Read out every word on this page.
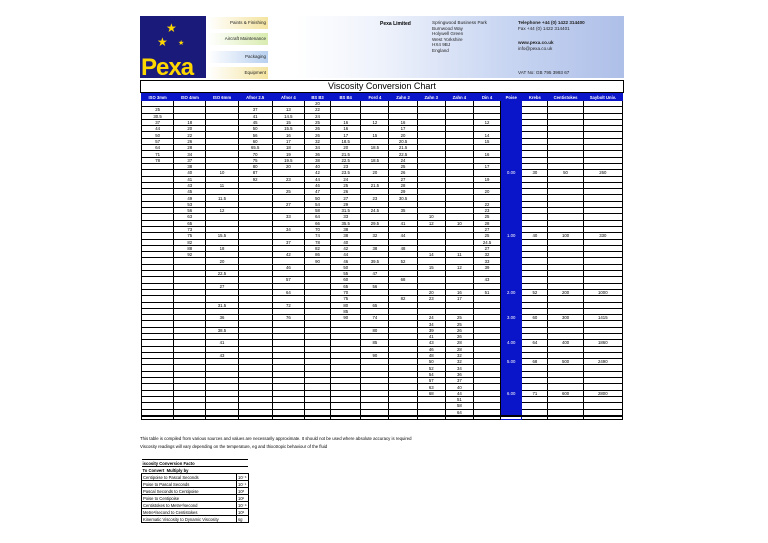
★
★ ★
Pexa
Paints & Finishing
Aircraft Maintenance
Packaging
Equipment
Pexa Limited	Springwood Business Park
Burnwood Way
Holywell Green
West Yorkshire
HX4 9BJ
England
Telephone +44 (0) 1422 314400
Fax +44 (0) 1422 314401
www.pexa.co.uk
info@pexa.co.uk
VAT No: GB 795 3993 67
Viscosity Conversion Chart
ISO 3mm	ISO 4mm	ISO 6mm	Afnor 2.5	Afnor 4	BS B3	BS B4	Ford 4	Zahn 2	Zahn 3	Zahn 4	Din 4	Poise	Krebs	Centistokes	Saybolt Univ.
					20										
25			37	13	22										
30.5			41	14.5	24										
37	18		45	15	25	16	12	16			12				
44	20		50	15.5	26	16		17							
50	22		56	16	26	17	15	20			14				
57	26		60	17	32	18.5		20.5			15				
64	28		65.5	18	34	20	18.5	21.5							
71	34		70	19	36	21.5		22.5			16				
78	37		75	19.5	38	22.5	18.5	24							
	38		80	20	40	23		25			17				
	40	10	87		42	23.5	20	26				0.00	30	50	260
	41		92	23	44	24		27			19				
	43	11			46	25	21.5	28							
	45			25	47	26		29			20				
	49	11.5			50	27	23	30.5							
	53			27	54	29					22				
	56	12			58	31.5	24.5	35			23				
	63			33	64	33			10		25				
	65				66	35.5	29.5	41	12	10	28				
	73			34	70	38					27				
	75	15.5			74	38	32	44			25	1.00	40	100	330
	82			37	78	40					24.5				
	88	18			82	42	38	48			27				
	92			42	86	44			14	11	32				
		20			90	46	39.5	52			33				
				46		50			15	12	39				
		22.5				55	47								
				57		60		68			43				
		27				65	56								
				64		70			20	16	51	2.00	52	200	1000
						75		82	23	17					
		31.5		72		80	65								
						85									
		36		76		90	74		24	25		3.00	60	300	1415
									34	25					
		38.5					80		39	26					
									41	26					
		41					85		43	28		4.00	64	400	1860
									46	28					
		43					90		48	32					
									50	32		5.00	68	500	2490
									52	34					
									54	36					
									57	37					
									63	40					
									68	44		6.00	71	600	2800
										51					
										58					
										64					

This table is compiled from various sources and values are necessarily approximate. It should not be used where absolute accuracy is required
Viscosity readings will vary depending on the temperature, eg and thixotropic behaviour of the fluid
iscosity Conversion Facto	
To Convert Multiply by	
Centipoise to Pascal Seconds	10⁻³
Poise to Pascal Seconds	10⁻¹
Pascal Seconds to Centipoise	10³
Poise to Centipoise	10²
Centistokes to Metre²/second	10⁻⁶
Metre²/second to Centistokes	10⁶
Kinematic Viscosity to Dynamic Viscosity	sg
